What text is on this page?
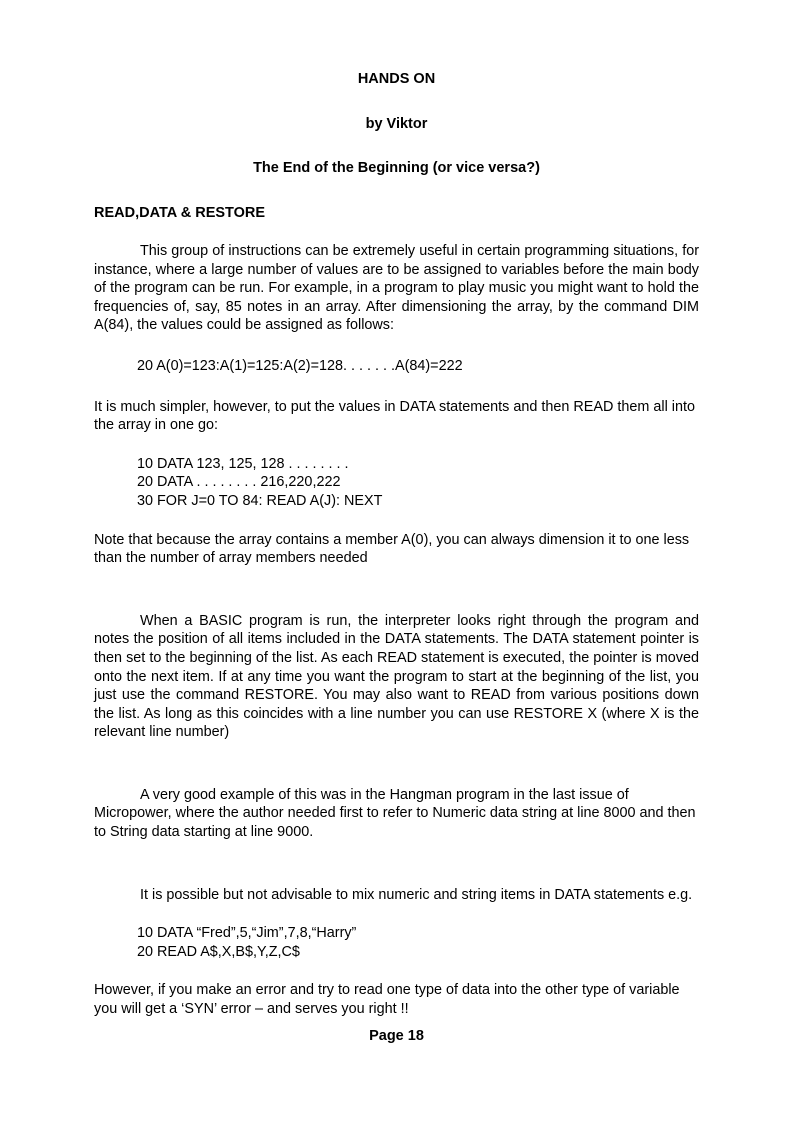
HANDS ON
by Viktor
The End of the Beginning (or vice versa?)
READ,DATA & RESTORE

This group of instructions can be extremely useful in certain programming situations, for instance, where a large number of values are to be assigned to variables before the main body of the program can be run. For example, in a program to play music you might want to hold the frequencies of, say, 85 notes in an array. After dimensioning the array, by the command DIM A(84), the values could be assigned as follows:

20 A(0)=123:A(1)=125:A(2)=128. . . . . . .A(84)=222

It is much simpler, however, to put the values in DATA statements and then READ them all into the array in one go:

10 DATA 123, 125, 128 . . . . . . . .
20 DATA . . . . . . . . 216,220,222
30 FOR J=0 TO 84: READ A(J): NEXT

Note that because the array contains a member A(0), you can always dimension it to one less than the number of array members needed

When a BASIC program is run, the interpreter looks right through the program and notes the position of all items included in the DATA statements. The DATA statement pointer is then set to the beginning of the list. As each READ statement is executed, the pointer is moved onto the next item. If at any time you want the program to start at the beginning of the list, you just use the command RESTORE. You may also want to READ from various positions down the list. As long as this coincides with a line number you can use RESTORE X (where X is the relevant line number)

A very good example of this was in the Hangman program in the last issue of Micropower, where the author needed first to refer to Numeric data string at line 8000 and then to String data starting at line 9000.

It is possible but not advisable to mix numeric and string items in DATA statements e.g.

10 DATA “Fred”,5,“Jim”,7,8,“Harry”
20 READ A$,X,B$,Y,Z,C$

However, if you make an error and try to read one type of data into the other type of variable you will get a ‘SYN’ error – and serves you right !!

Page 18
